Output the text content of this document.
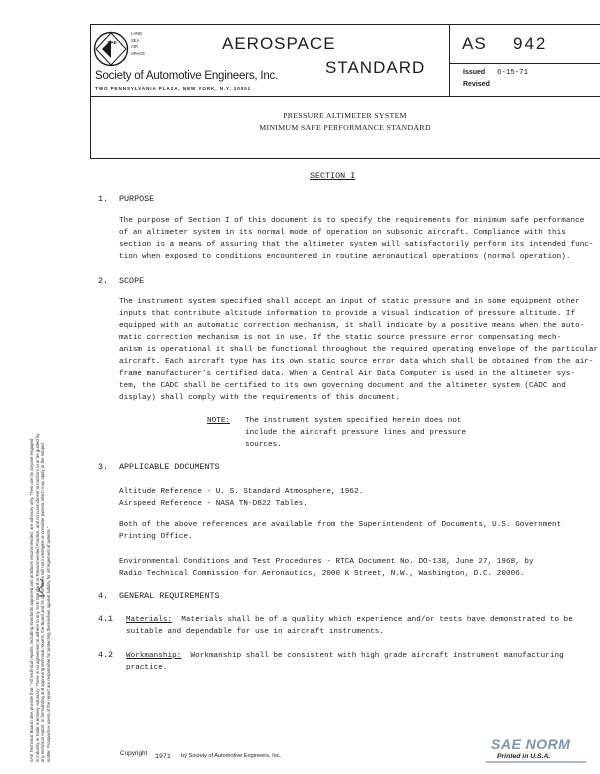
SAE
LAND
SEA
AIR
SPACE
AEROSPACE
STANDARD
Society of Automotive Engineers, Inc.
TWO PENNSYLVANIA PLAZA, NEW YORK, N.Y. 10001
AS 942
Issued 6-15-71
Revised
PRESSURE ALTIMETER SYSTEM
MINIMUM SAFE PERFORMANCE STANDARD
SECTION I
1. PURPOSE
The purpose of Section I of this document is to specify the requirements for minimum safe performance
of an altimeter system in its normal mode of operation on subsonic aircraft. Compliance with this
section is a means of assuring that the altimeter system will satisfactorily perform its intended func-
tion when exposed to conditions encountered in routine aeronautical operations (normal operation).
2. SCOPE
The instrument system specified shall accept an input of static pressure and in some equipment other
inputs that contribute altitude information to provide a visual indication of pressure altitude. If
equipped with an automatic correction mechanism, it shall indicate by a positive means when the auto-
matic correction mechanism is not in use. If the static source pressure error compensating mech-
anism is operational it shall be functional throughout the required operating envelope of the particular
aircraft. Each aircraft type has its own static source error data which shall be obtained from the air-
frame manufacturer's certified data. When a Central Air Data Computer is used in the altimeter sys-
tem, the CADC shall be certified to its own governing document and the altimeter system (CADC and
display) shall comply with the requirements of this document.
NOTE: The instrument system specified herein does not
include the aircraft pressure lines and pressure
sources.
3. APPLICABLE DOCUMENTS
Altitude Reference - U. S. Standard Atmosphere, 1962.
Airspeed Reference - NASA TN-D822 Tables.
Both of the above references are available from the Superintendent of Documents, U.S. Government
Printing Office.
Environmental Conditions and Test Procedures - RTCA Document No. DO-138, June 27, 1968, by
Radio Technical Commission for Aeronautics, 2000 K Street, N.W., Washington, D.C. 20006.
4. GENERAL REQUIREMENTS
4.1 Materials: Materials shall be of a quality which experience and/or tests have demonstrated to be
suitable and dependable for use in aircraft instruments.
4.2 Workmanship: Workmanship shall be consistent with high grade aircraft instrument manufacturing
practice.

SAE Technical Board rules provide that: "All technical reports, including standards approved and practices recommended, are advisory only. Their use by anyone engaged in industry or trade is entirely voluntary. There is no agreement to adhere to any SAE Standard or Recommended Practice, and no commitment to conform to or be guided by any technical report. In formulating and approving technical reports, the Board and its Committees will not investigate or consider patents which may apply to the subject matter. Prospective users of the report are responsible for protecting themselves against liability for infringement of patents."	Copyright 1971 by Society of Automotive Engineers, Inc.
SAE NORM
Printed in U.S.A.
